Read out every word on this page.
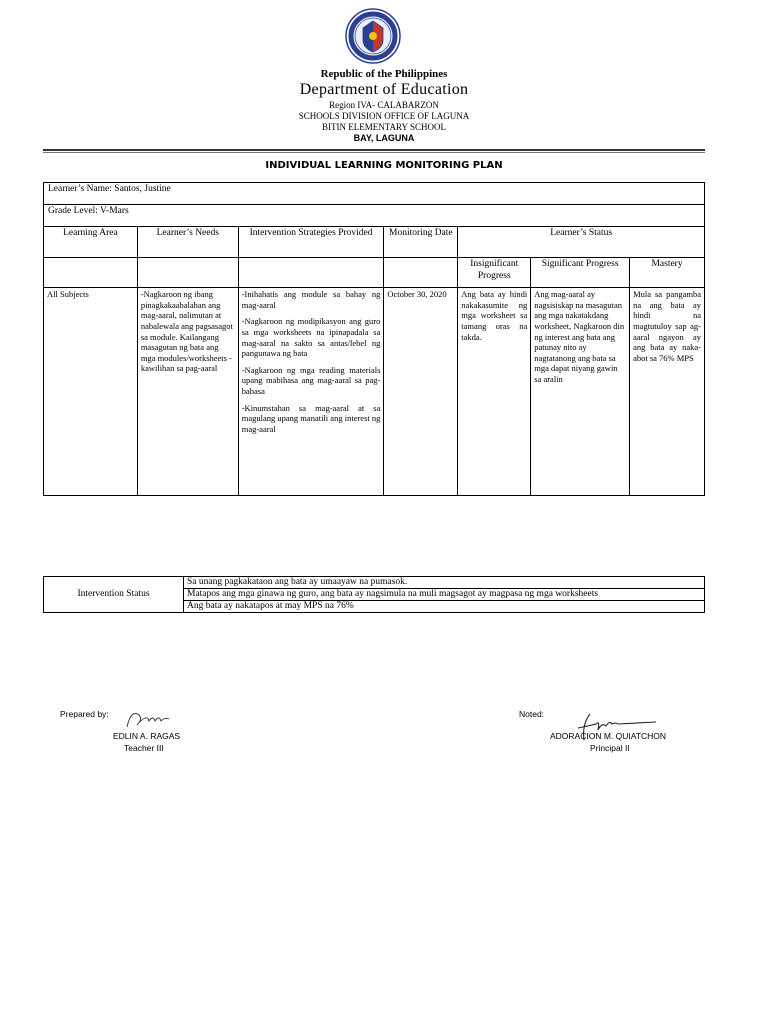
Republic of the Philippines
Department of Education
Region IVA- CALABARZON
SCHOOLS DIVISION OFFICE OF LAGUNA
BITIN ELEMENTARY SCHOOL
BAY, LAGUNA
INDIVIDUAL LEARNING MONITORING PLAN
Learner’s Name: Santos, Justine						
Grade Level: V-Mars						
Learning Area	Learner’s Needs	Intervention Strategies Provided	Monitoring Date	Learner’s Status		
				Insignificant Progress	Significant Progress	Mastery
All Subjects	-Nagkaroon ng ibang pinagkakaabalahan ang mag-aaral, nalimutan at nabalewala ang pagsasagot sa module. Kailangang masagutan ng bata ang mga modules/worksheets -kawilihan sa pag-aaral	-Inihahatis ang module sa bahay ng mag-aaral
-Nagkaroon ng modipikasyon ang guro sa mga worksheets na ipinapadala sa mag-aaral na sakto sa antas/lebel ng pangunawa ng bata
-Nagkaroon ng mga reading materials upang mabihasa ang mag-aaral sa pag-babasa
-Kinumstahan sa mag-aaral at sa magulang upang manatili ang interest ng mag-aaral	October 30, 2020	Ang bata ay hindi nakakasumite ng mga worksheet sa tamang oras na takda.	Ang mag-aaral ay nagsisiskap na masagutan ang mga nakatakdang worksheet, Nagkaroon din ng interest ang bata ang patunay nito ay nagtatanong ang bata sa mga dapat niyang gawin sa aralin	Mula sa pangamba na ang bata ay hindi na magtutuloy sap ag-aaral ngayon ay ang bata ay naka-abot sa 76% MPS
Intervention Status	Sa unang pagkakataon ang bata ay umaayaw na pumasok.
Matapos ang mga ginawa ng guro, ang bata ay nagsimula na muli magsagot ay magpasa ng mga worksheets
Ang bata ay nakatapos at may MPS na 76%
Prepared by:
EDLIN A. RAGAS
Teacher III
Noted:
ADORACION M. QUIATCHON
Principal II
